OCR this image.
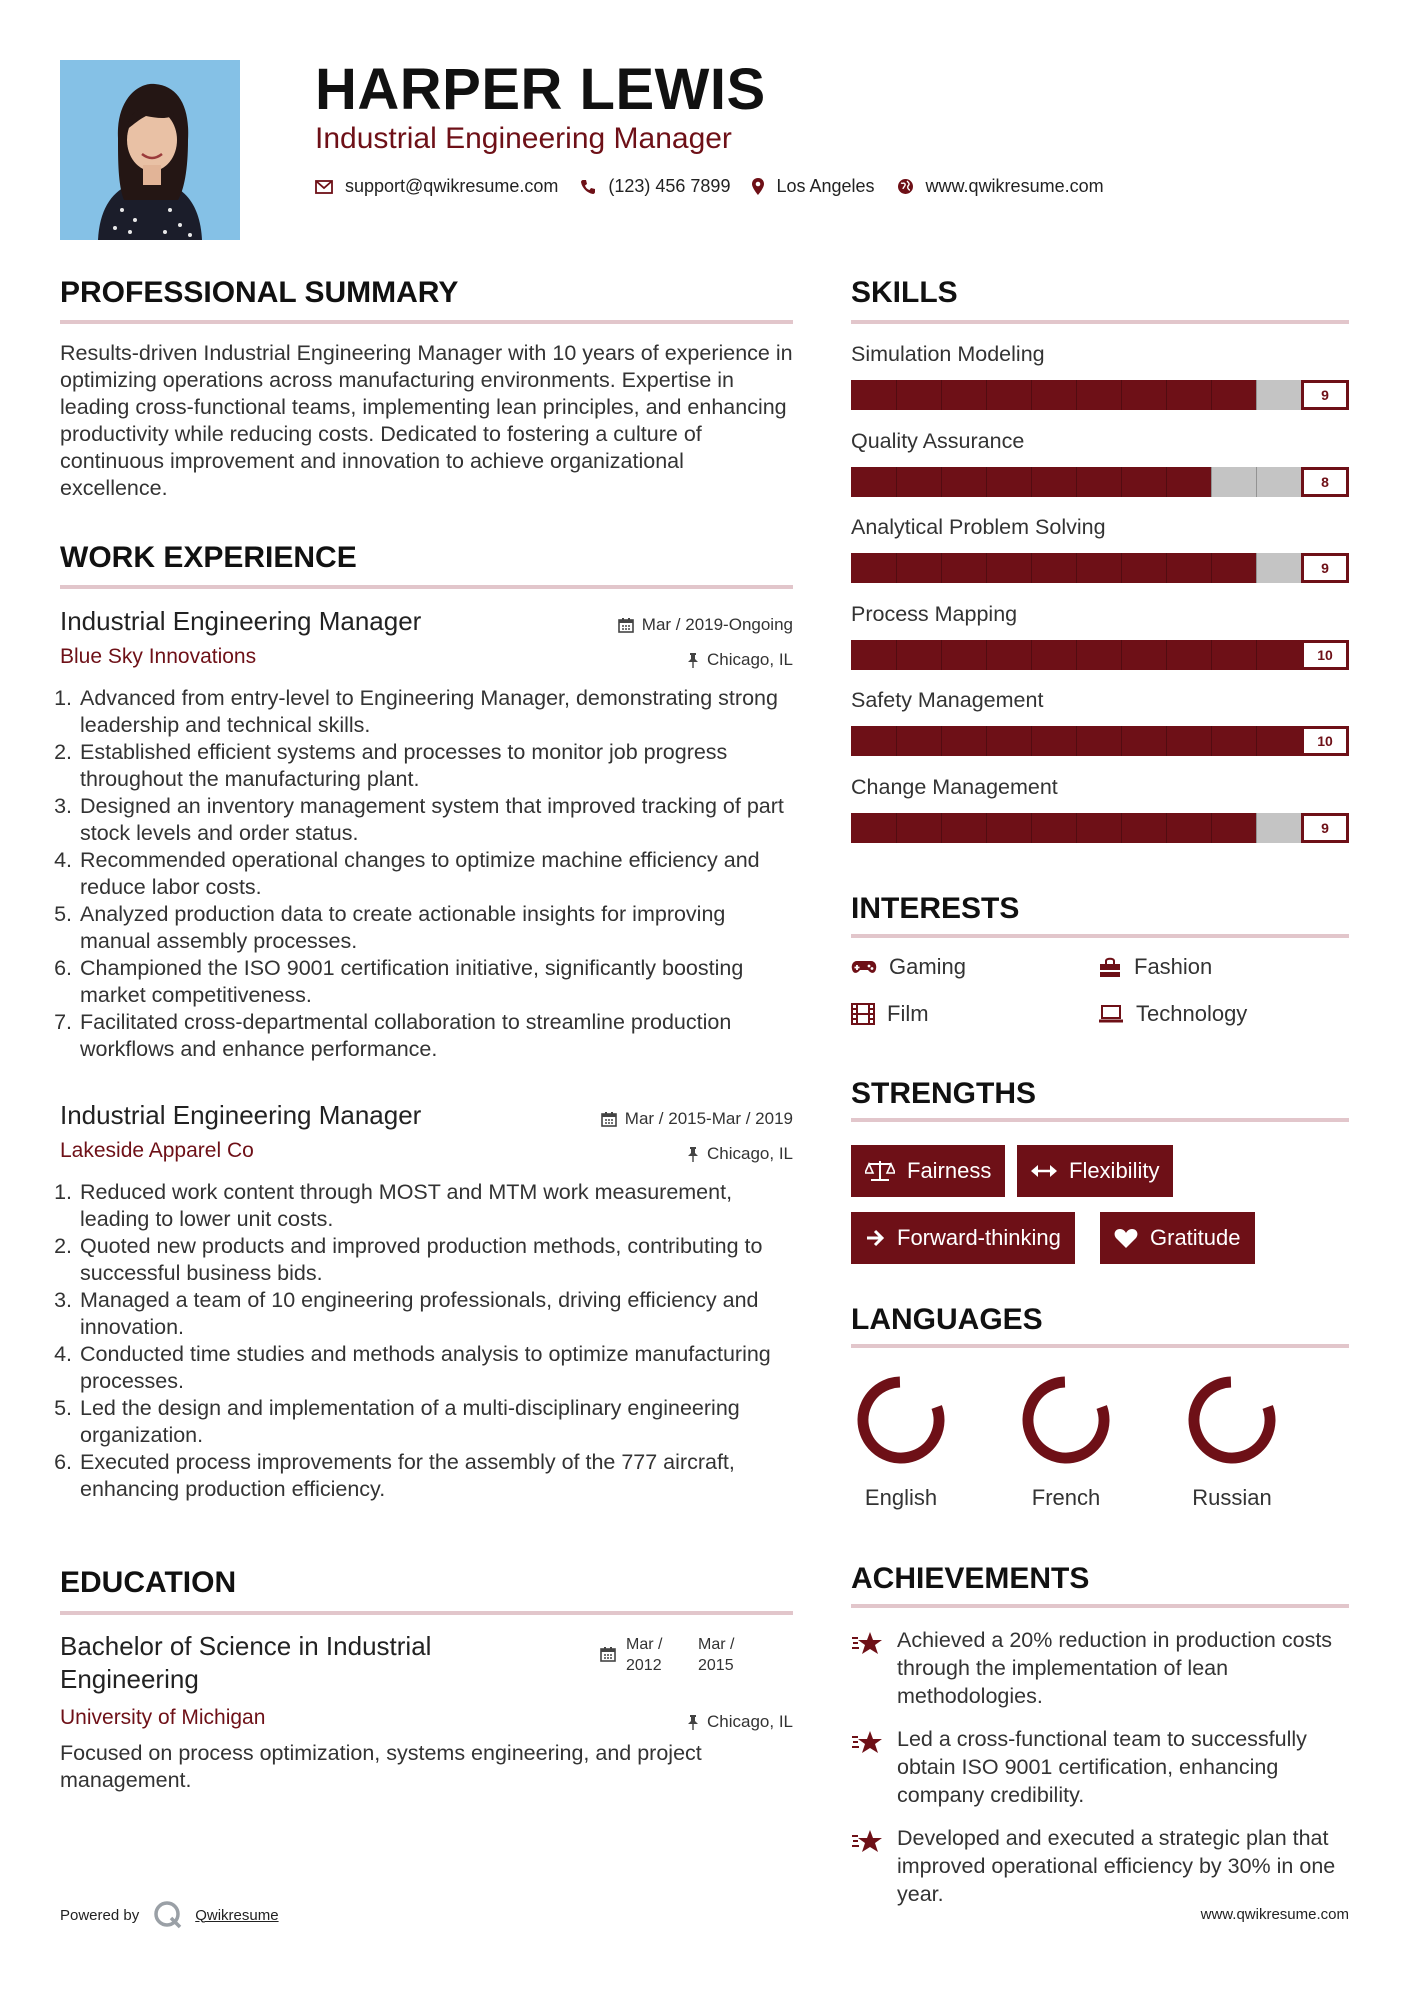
HARPER LEWIS
Industrial Engineering Manager
support@qwikresume.com	(123) 456 7899	Los Angeles	www.qwikresume.com
PROFESSIONAL SUMMARY
Results-driven Industrial Engineering Manager with 10 years of experience in optimizing operations across manufacturing environments. Expertise in leading cross-functional teams, implementing lean principles, and enhancing productivity while reducing costs. Dedicated to fostering a culture of continuous improvement and innovation to achieve organizational excellence.
WORK EXPERIENCE
Industrial Engineering Manager
Blue Sky Innovations
Mar / 2019-Ongoing
Chicago, IL
1. Advanced from entry-level to Engineering Manager, demonstrating strong leadership and technical skills.
2. Established efficient systems and processes to monitor job progress throughout the manufacturing plant.
3. Designed an inventory management system that improved tracking of part stock levels and order status.
4. Recommended operational changes to optimize machine efficiency and reduce labor costs.
5. Analyzed production data to create actionable insights for improving manual assembly processes.
6. Championed the ISO 9001 certification initiative, significantly boosting market competitiveness.
7. Facilitated cross-departmental collaboration to streamline production workflows and enhance performance.
Industrial Engineering Manager
Lakeside Apparel Co
Mar / 2015-Mar / 2019
Chicago, IL
1. Reduced work content through MOST and MTM work measurement, leading to lower unit costs.
2. Quoted new products and improved production methods, contributing to successful business bids.
3. Managed a team of 10 engineering professionals, driving efficiency and innovation.
4. Conducted time studies and methods analysis to optimize manufacturing processes.
5. Led the design and implementation of a multi-disciplinary engineering organization.
6. Executed process improvements for the assembly of the 777 aircraft, enhancing production efficiency.
EDUCATION
Bachelor of Science in Industrial Engineering
University of Michigan
Focused on process optimization, systems engineering, and project management.
Mar / 2012
Mar / 2015
Chicago, IL
SKILLS
Simulation Modeling
9
Quality Assurance
8
Analytical Problem Solving
9
Process Mapping
10
Safety Management
10
Change Management
9
INTERESTS
Gaming	Fashion
Film	Technology
STRENGTHS
Fairness	Flexibility
Forward-thinking	Gratitude
LANGUAGES
English	French	Russian
ACHIEVEMENTS

Achieved a 20% reduction in production costs through the implementation of lean methodologies.

Led a cross-functional team to successfully obtain ISO 9001 certification, enhancing company credibility.

Developed and executed a strategic plan that improved operational efficiency by 30% in one year.

Powered by	Qwikresume	www.qwikresume.com
